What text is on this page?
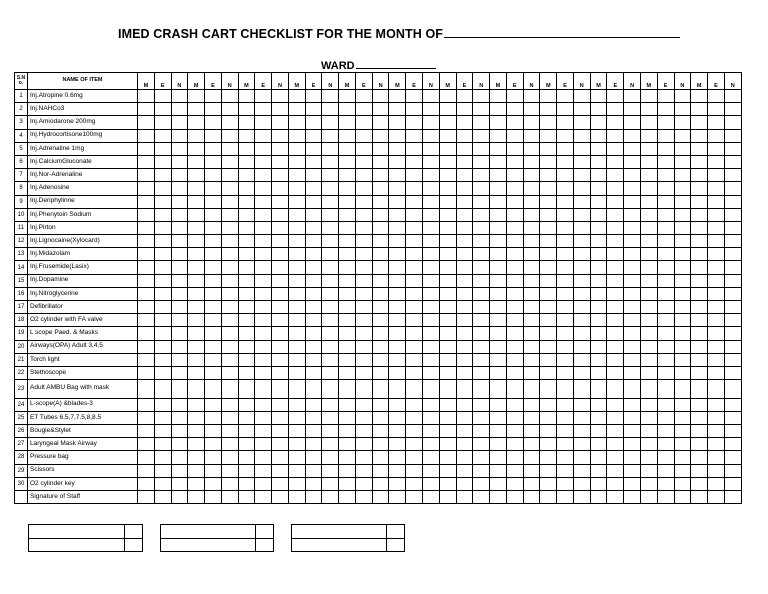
IMED CRASH CART CHECKLIST FOR THE MONTH OF
WARD
S.N o.	NAME OF ITEM	M	E	N	M	E	N	M	E	N	M	E	N	M	E	N	M	E	N	M	E	N	M	E	N	M	E	N	M	E	N	M	E	N	M	E	N
1	Inj.Atropine 0.6mg																																				
2	Inj.NAHCo3																																				
3	Inj.Amiodarone 200mg																																				
4	Inj.Hydrocortisone100mg																																				
5	Inj.Adrenaline 1mg																																				
6	Inj.CalciumGluconate																																				
7	Inj.Nor-Adrenaline																																				
8	Inj.Adenosine																																				
9	Inj.Deriphylinne																																				
10	Inj.Phenytoin Sodium																																				
11	Inj.Pirton																																				
12	Inj.Lignocaine(Xylocard)																																				
13	Inj.Midazolam																																				
14	Inj.Frusemide(Lasix)																																				
15	Inj.Dopamine																																				
16	Inj.Nitroglycerine																																				
17	Defibrillator																																				
18	O2 cylinder with FA valve																																				
19	L scope Paed. & Masks																																				
20	Airways(OPA) Adult 3,4,5																																				
21	Torch light																																				
22	Stethoscope																																				
23	Adult AMBU Bag with mask																																				
24	L-scope(A) &blades-3																																				
25	ET Tubes 6.5,7,7.5,8,8.5																																				
26	Bougie&Stylet																																				
27	Laryngeal Mask Airway																																				
28	Pressure bag																																				
29	Scissors																																				
30	O2 cylinder key																																				
	Signature of Staff																																				
